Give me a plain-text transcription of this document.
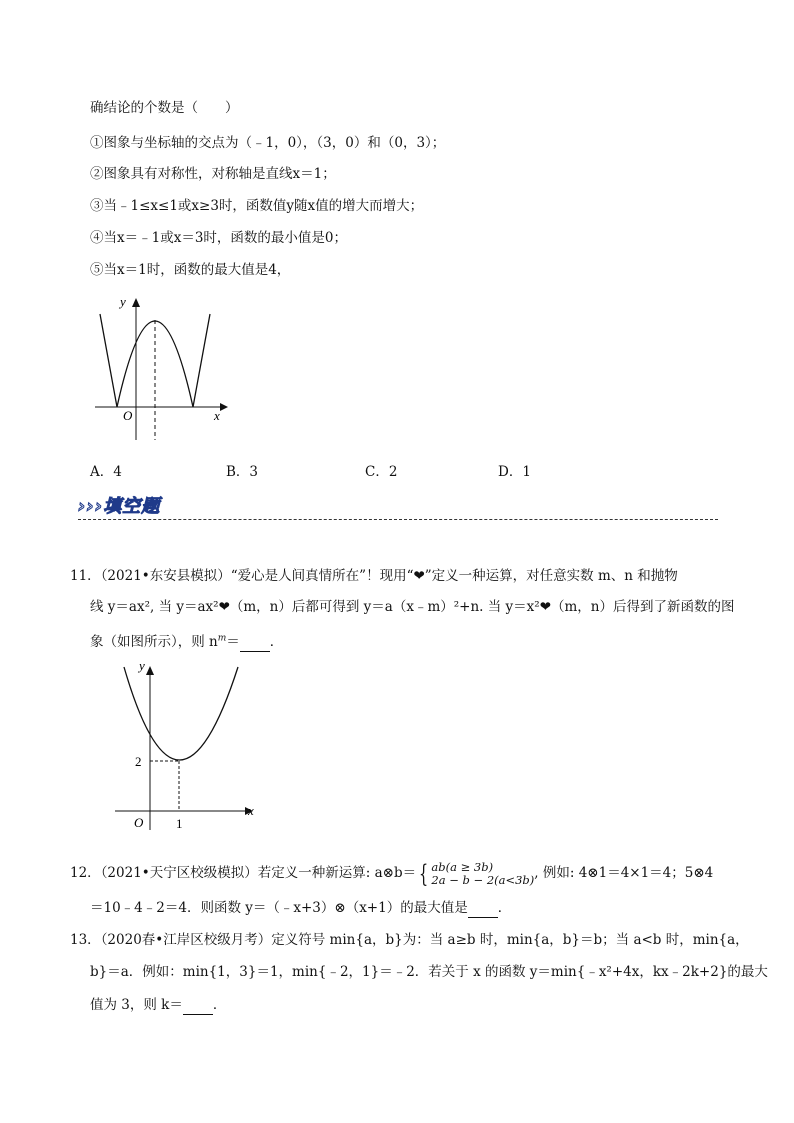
确结论的个数是（　　）
①图象与坐标轴的交点为（﹣1，0），（3，0）和（0，3）；
②图象具有对称性，对称轴是直线x＝1；
③当﹣1≤x≤1或x≥3时，函数值y随x值的增大而增大；
④当x＝﹣1或x＝3时，函数的最小值是0；
⑤当x＝1时，函数的最大值是4，
y
x
O
A．4	B．3	C．2	D．1
›››填空题
11．（2021•东安县模拟）“爱心是人间真情所在”！现用“❤”定义一种运算，对任意实数 m、n 和抛物
线 y＝ax², 当 y＝ax²❤（m，n）后都可得到 y＝a（x﹣m）²+n. 当 y＝x²❤（m，n）后得到了新函数的图
象（如图所示），则 $n^m=$ ．
y
x
O
2
1
12．（2021•天宁区校级模拟）若定义一种新运算: a⊗b＝ { ab(a ≥ 3b)
2a − b − 2(a<3b), 例如: 4⊗1＝4×1＝4；5⊗4
＝10﹣4﹣2＝4．则函数 y＝（﹣x+3）⊗（x+1）的最大值是 ．
13．（2020春•江岸区校级月考）定义符号 min{a，b}为：当 a≥b 时，min{a，b}＝b；当 a<b 时，min{a，
b}＝a．例如：min{1，3}＝1，min{﹣2，1}＝﹣2．若关于 x 的函数 y＝min{﹣x²+4x，kx﹣2k+2}的最大
值为 3，则 k＝ ．
